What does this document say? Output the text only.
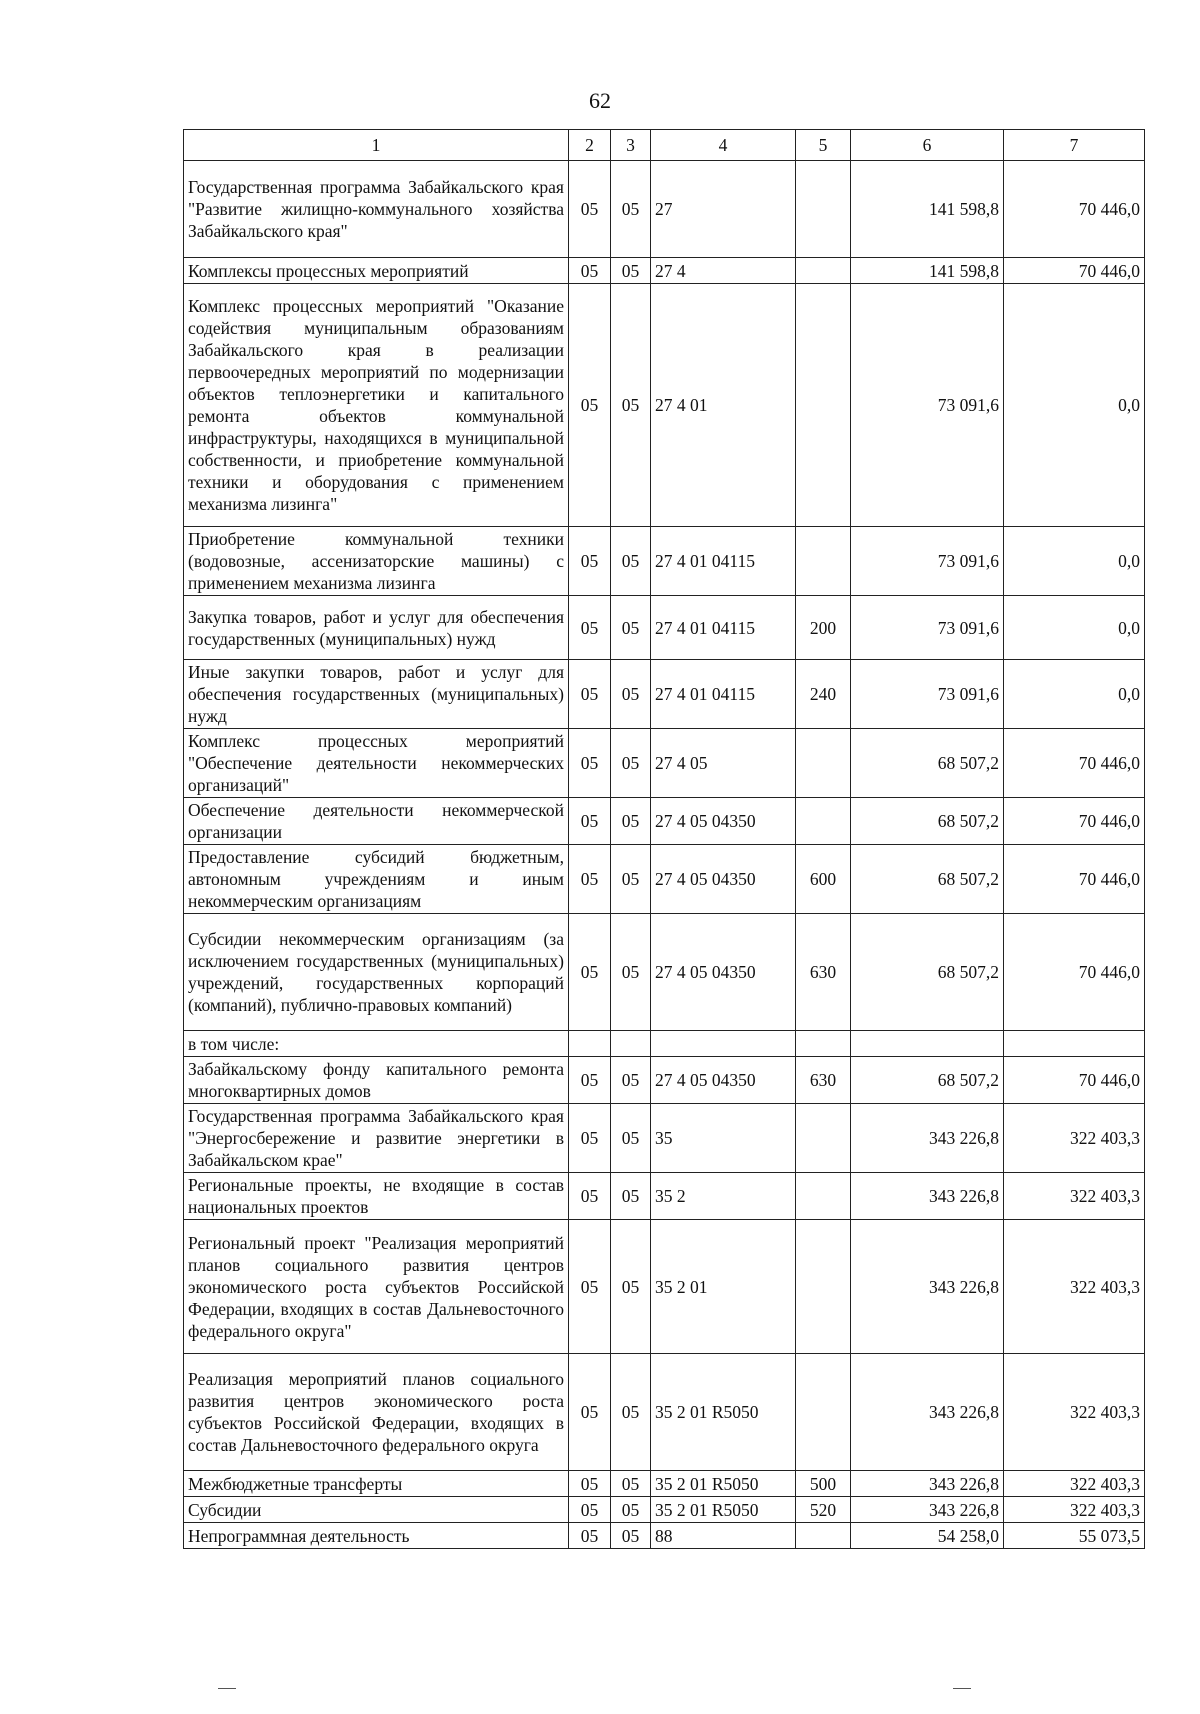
62
1	2	3	4	5	6	7
Государственная программа Забайкальского края "Развитие жилищно-коммунального хозяйства Забайкальского края"	05	05	27		141 598,8	70 446,0
Комплексы процессных мероприятий	05	05	27 4		141 598,8	70 446,0
Комплекс процессных мероприятий "Оказание содействия муниципальным образованиям Забайкальского края в реализации первоочередных мероприятий по модернизации объектов теплоэнергетики и капитального ремонта объектов коммунальной инфраструктуры, находящихся в муниципальной собственности, и приобретение коммунальной техники и оборудования с применением механизма лизинга"	05	05	27 4 01		73 091,6	0,0
Приобретение коммунальной техники (водовозные, ассенизаторские машины) с применением механизма лизинга	05	05	27 4 01 04115		73 091,6	0,0
Закупка товаров, работ и услуг для обеспечения государственных (муниципальных) нужд	05	05	27 4 01 04115	200	73 091,6	0,0
Иные закупки товаров, работ и услуг для обеспечения государственных (муниципальных) нужд	05	05	27 4 01 04115	240	73 091,6	0,0
Комплекс процессных мероприятий "Обеспечение деятельности некоммерческих организаций"	05	05	27 4 05		68 507,2	70 446,0
Обеспечение деятельности некоммерческой организации	05	05	27 4 05 04350		68 507,2	70 446,0
Предоставление субсидий бюджетным, автономным учреждениям и иным некоммерческим организациям	05	05	27 4 05 04350	600	68 507,2	70 446,0
Субсидии некоммерческим организациям (за исключением государственных (муниципальных) учреждений, государственных корпораций (компаний), публично-правовых компаний)	05	05	27 4 05 04350	630	68 507,2	70 446,0
в том числе:						
Забайкальскому фонду капитального ремонта многоквартирных домов	05	05	27 4 05 04350	630	68 507,2	70 446,0
Государственная программа Забайкальского края "Энергосбережение и развитие энергетики в Забайкальском крае"	05	05	35		343 226,8	322 403,3
Региональные проекты, не входящие в состав национальных проектов	05	05	35 2		343 226,8	322 403,3
Региональный проект "Реализация мероприятий планов социального развития центров экономического роста субъектов Российской Федерации, входящих в состав Дальневосточного федерального округа"	05	05	35 2 01		343 226,8	322 403,3
Реализация мероприятий планов социального развития центров экономического роста субъектов Российской Федерации, входящих в состав Дальневосточного федерального округа	05	05	35 2 01 R5050		343 226,8	322 403,3
Межбюджетные трансферты	05	05	35 2 01 R5050	500	343 226,8	322 403,3
Субсидии	05	05	35 2 01 R5050	520	343 226,8	322 403,3
Непрограммная деятельность	05	05	88		54 258,0	55 073,5
